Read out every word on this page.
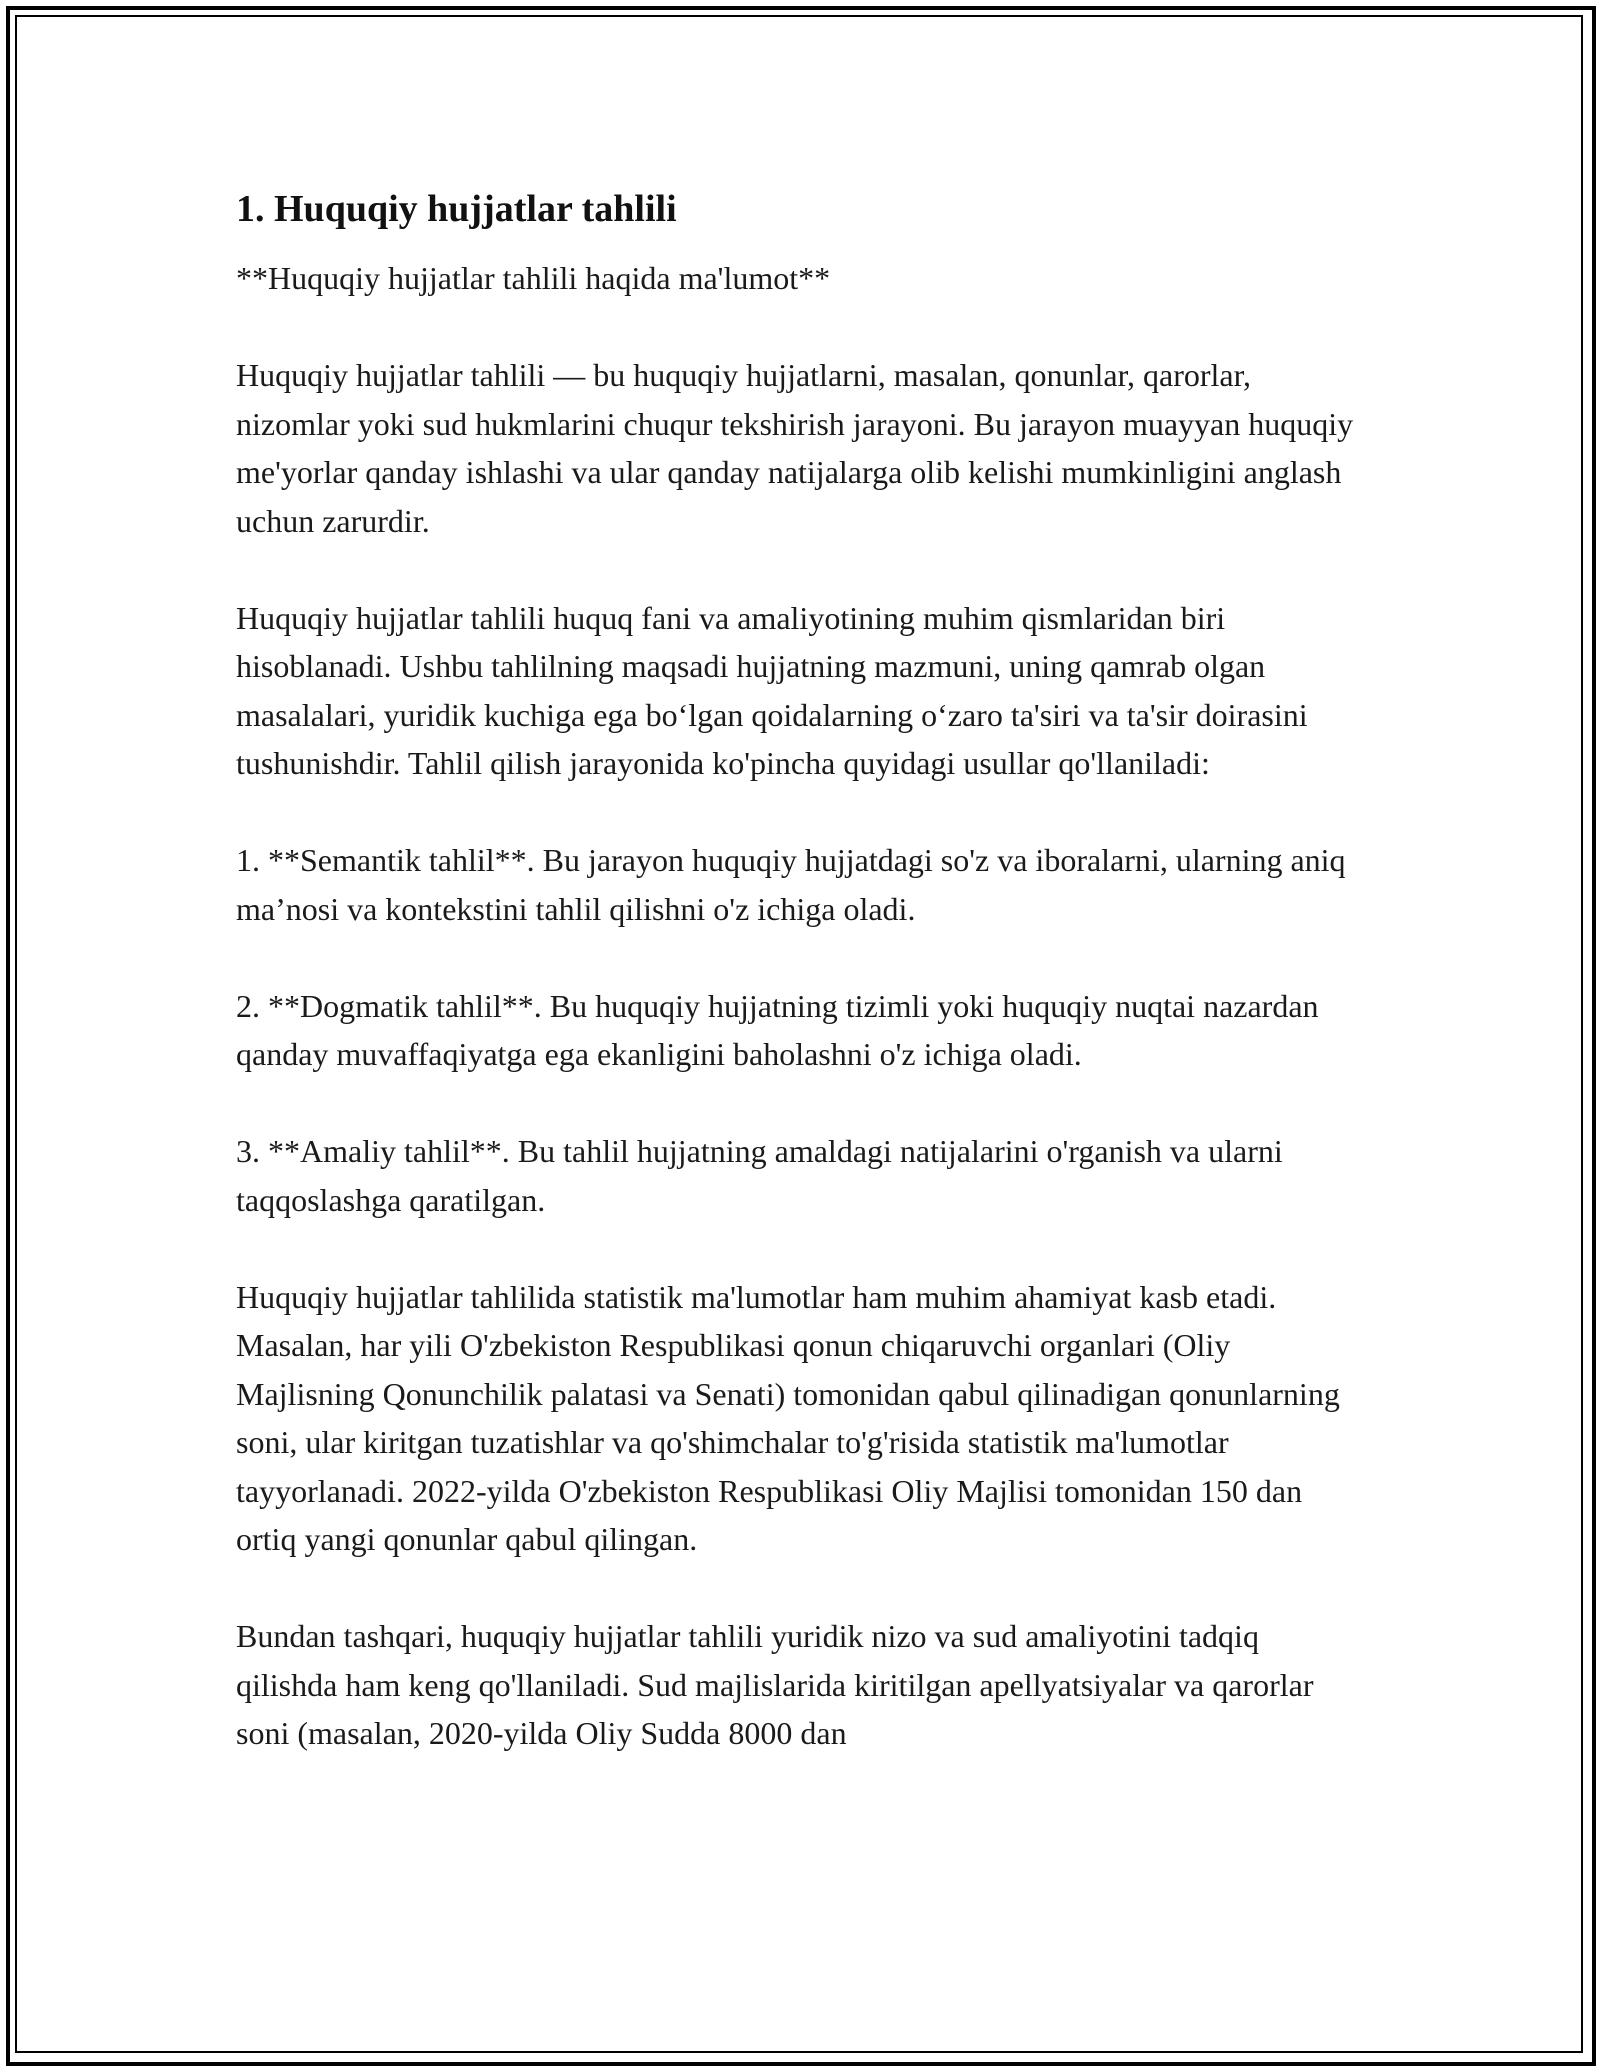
1. Huquqiy hujjatlar tahlili

**Huquqiy hujjatlar tahlili haqida ma'lumot**

Huquqiy hujjatlar tahlili — bu huquqiy hujjatlarni, masalan, qonunlar, qarorlar, nizomlar yoki sud hukmlarini chuqur tekshirish jarayoni. Bu jarayon muayyan huquqiy me'yorlar qanday ishlashi va ular qanday natijalarga olib kelishi mumkinligini anglash uchun zarurdir.

Huquqiy hujjatlar tahlili huquq fani va amaliyotining muhim qismlaridan biri hisoblanadi. Ushbu tahlilning maqsadi hujjatning mazmuni, uning qamrab olgan masalalari, yuridik kuchiga ega bo‘lgan qoidalarning o‘zaro ta'siri va ta'sir doirasini tushunishdir. Tahlil qilish jarayonida ko'pincha quyidagi usullar qo'llaniladi:

1. **Semantik tahlil**. Bu jarayon huquqiy hujjatdagi so'z va iboralarni, ularning aniq ma’nosi va kontekstini tahlil qilishni o'z ichiga oladi.

2. **Dogmatik tahlil**. Bu huquqiy hujjatning tizimli yoki huquqiy nuqtai nazardan qanday muvaffaqiyatga ega ekanligini baholashni o'z ichiga oladi.

3. **Amaliy tahlil**. Bu tahlil hujjatning amaldagi natijalarini o'rganish va ularni taqqoslashga qaratilgan.

Huquqiy hujjatlar tahlilida statistik ma'lumotlar ham muhim ahamiyat kasb etadi. Masalan, har yili O'zbekiston Respublikasi qonun chiqaruvchi organlari (Oliy Majlisning Qonunchilik palatasi va Senati) tomonidan qabul qilinadigan qonunlarning soni, ular kiritgan tuzatishlar va qo'shimchalar to'g'risida statistik ma'lumotlar tayyorlanadi. 2022-yilda O'zbekiston Respublikasi Oliy Majlisi tomonidan 150 dan ortiq yangi qonunlar qabul qilingan.

Bundan tashqari, huquqiy hujjatlar tahlili yuridik nizo va sud amaliyotini tadqiq qilishda ham keng qo'llaniladi. Sud majlislarida kiritilgan apellyatsiyalar va qarorlar soni (masalan, 2020-yilda Oliy Sudda 8000 dan
